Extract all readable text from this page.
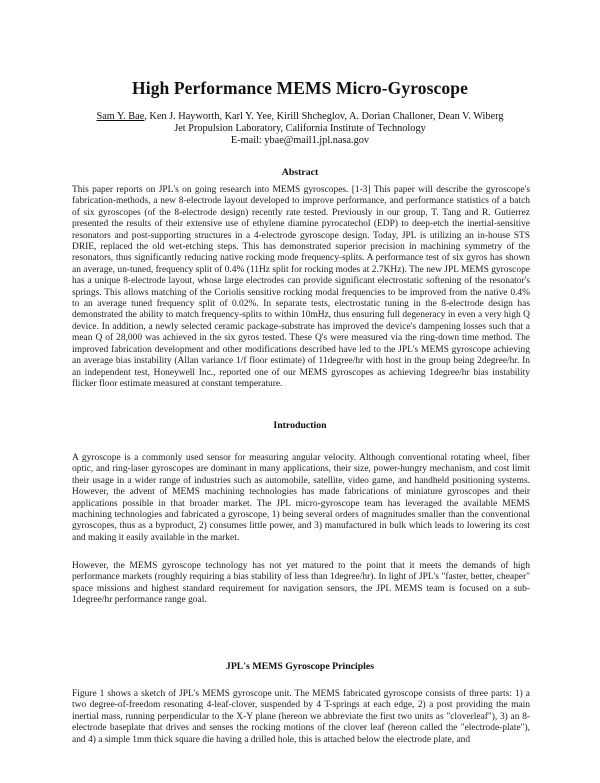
High Performance MEMS Micro-Gyroscope
Sam Y. Bae, Ken J. Hayworth, Karl Y. Yee, Kirill Shcheglov, A. Dorian Challoner, Dean V. Wiberg
Jet Propulsion Laboratory, California Institute of Technology
E-mail: ybae@mail1.jpl.nasa.gov
Abstract

This paper reports on JPL's on going research into MEMS gyroscopes. [1-3] This paper will describe the gyroscope's fabrication-methods, a new 8-electrode layout developed to improve performance, and performance statistics of a batch of six gyroscopes (of the 8-electrode design) recently rate tested. Previously in our group, T. Tang and R. Gutierrez presented the results of their extensive use of ethylene diamine pyrocatechol (EDP) to deep-etch the inertial-sensitive resonators and post-supporting structures in a 4-electrode gyroscope design. Today, JPL is utilizing an in-house STS DRIE, replaced the old wet-etching steps. This has demonstrated superior precision in machining symmetry of the resonators, thus significantly reducing native rocking mode frequency-splits. A performance test of six gyros has shown an average, un-tuned, frequency split of 0.4% (11Hz split for rocking modes at 2.7KHz). The new JPL MEMS gyroscope has a unique 8-electrode layout, whose large electrodes can provide significant electrostatic softening of the resonator's springs. This allows matching of the Coriolis sensitive rocking modal frequencies to be improved from the native 0.4% to an average tuned frequency split of 0.02%. In separate tests, electrostatic tuning in the 8-electrode design has demonstrated the ability to match frequency-splits to within 10mHz, thus ensuring full degeneracy in even a very high Q device. In addition, a newly selected ceramic package-substrate has improved the device's dampening losses such that a mean Q of 28,000 was achieved in the six gyros tested. These Q's were measured via the ring-down time method. The improved fabrication development and other modifications described have led to the JPL's MEMS gyroscope achieving an average bias instability (Allan variance 1/f floor estimate) of 11degree/hr with host in the group being 2degree/hr. In an independent test, Honeywell Inc., reported one of our MEMS gyroscopes as achieving 1degree/hr bias instability flicker floor estimate measured at constant temperature.

Introduction

A gyroscope is a commonly used sensor for measuring angular velocity. Although conventional rotating wheel, fiber optic, and ring-laser gyroscopes are dominant in many applications, their size, power-hungry mechanism, and cost limit their usage in a wider range of industries such as automobile, satellite, video game, and handheld positioning systems. However, the advent of MEMS machining technologies has made fabrications of miniature gyroscopes and their applications possible in that broader market. The JPL micro-gyroscope team has leveraged the available MEMS machining technologies and fabricated a gyroscope, 1) being several orders of magnitudes smaller than the conventional gyroscopes, thus as a byproduct, 2) consumes little power, and 3) manufactured in bulk which leads to lowering its cost and making it easily available in the market.

However, the MEMS gyroscope technology has not yet matured to the point that it meets the demands of high performance markets (roughly requiring a bias stability of less than 1degree/hr). In light of JPL's "faster, better, cheaper" space missions and highest standard requirement for navigation sensors, the JPL MEMS team is focused on a sub-1degree/hr performance range goal.

JPL's MEMS Gyroscope Principles

Figure 1 shows a sketch of JPL's MEMS gyroscope unit. The MEMS fabricated gyroscope consists of three parts: 1) a two degree-of-freedom resonating 4-leaf-clover, suspended by 4 T-springs at each edge, 2) a post providing the main inertial mass, running perpendicular to the X-Y plane (hereon we abbreviate the first two units as "cloverleaf"), 3) an 8-electrode baseplate that drives and senses the rocking motions of the clover leaf (hereon called the "electrode-plate"), and 4) a simple 1mm thick square die having a drilled hole, this is attached below the electrode plate, and
